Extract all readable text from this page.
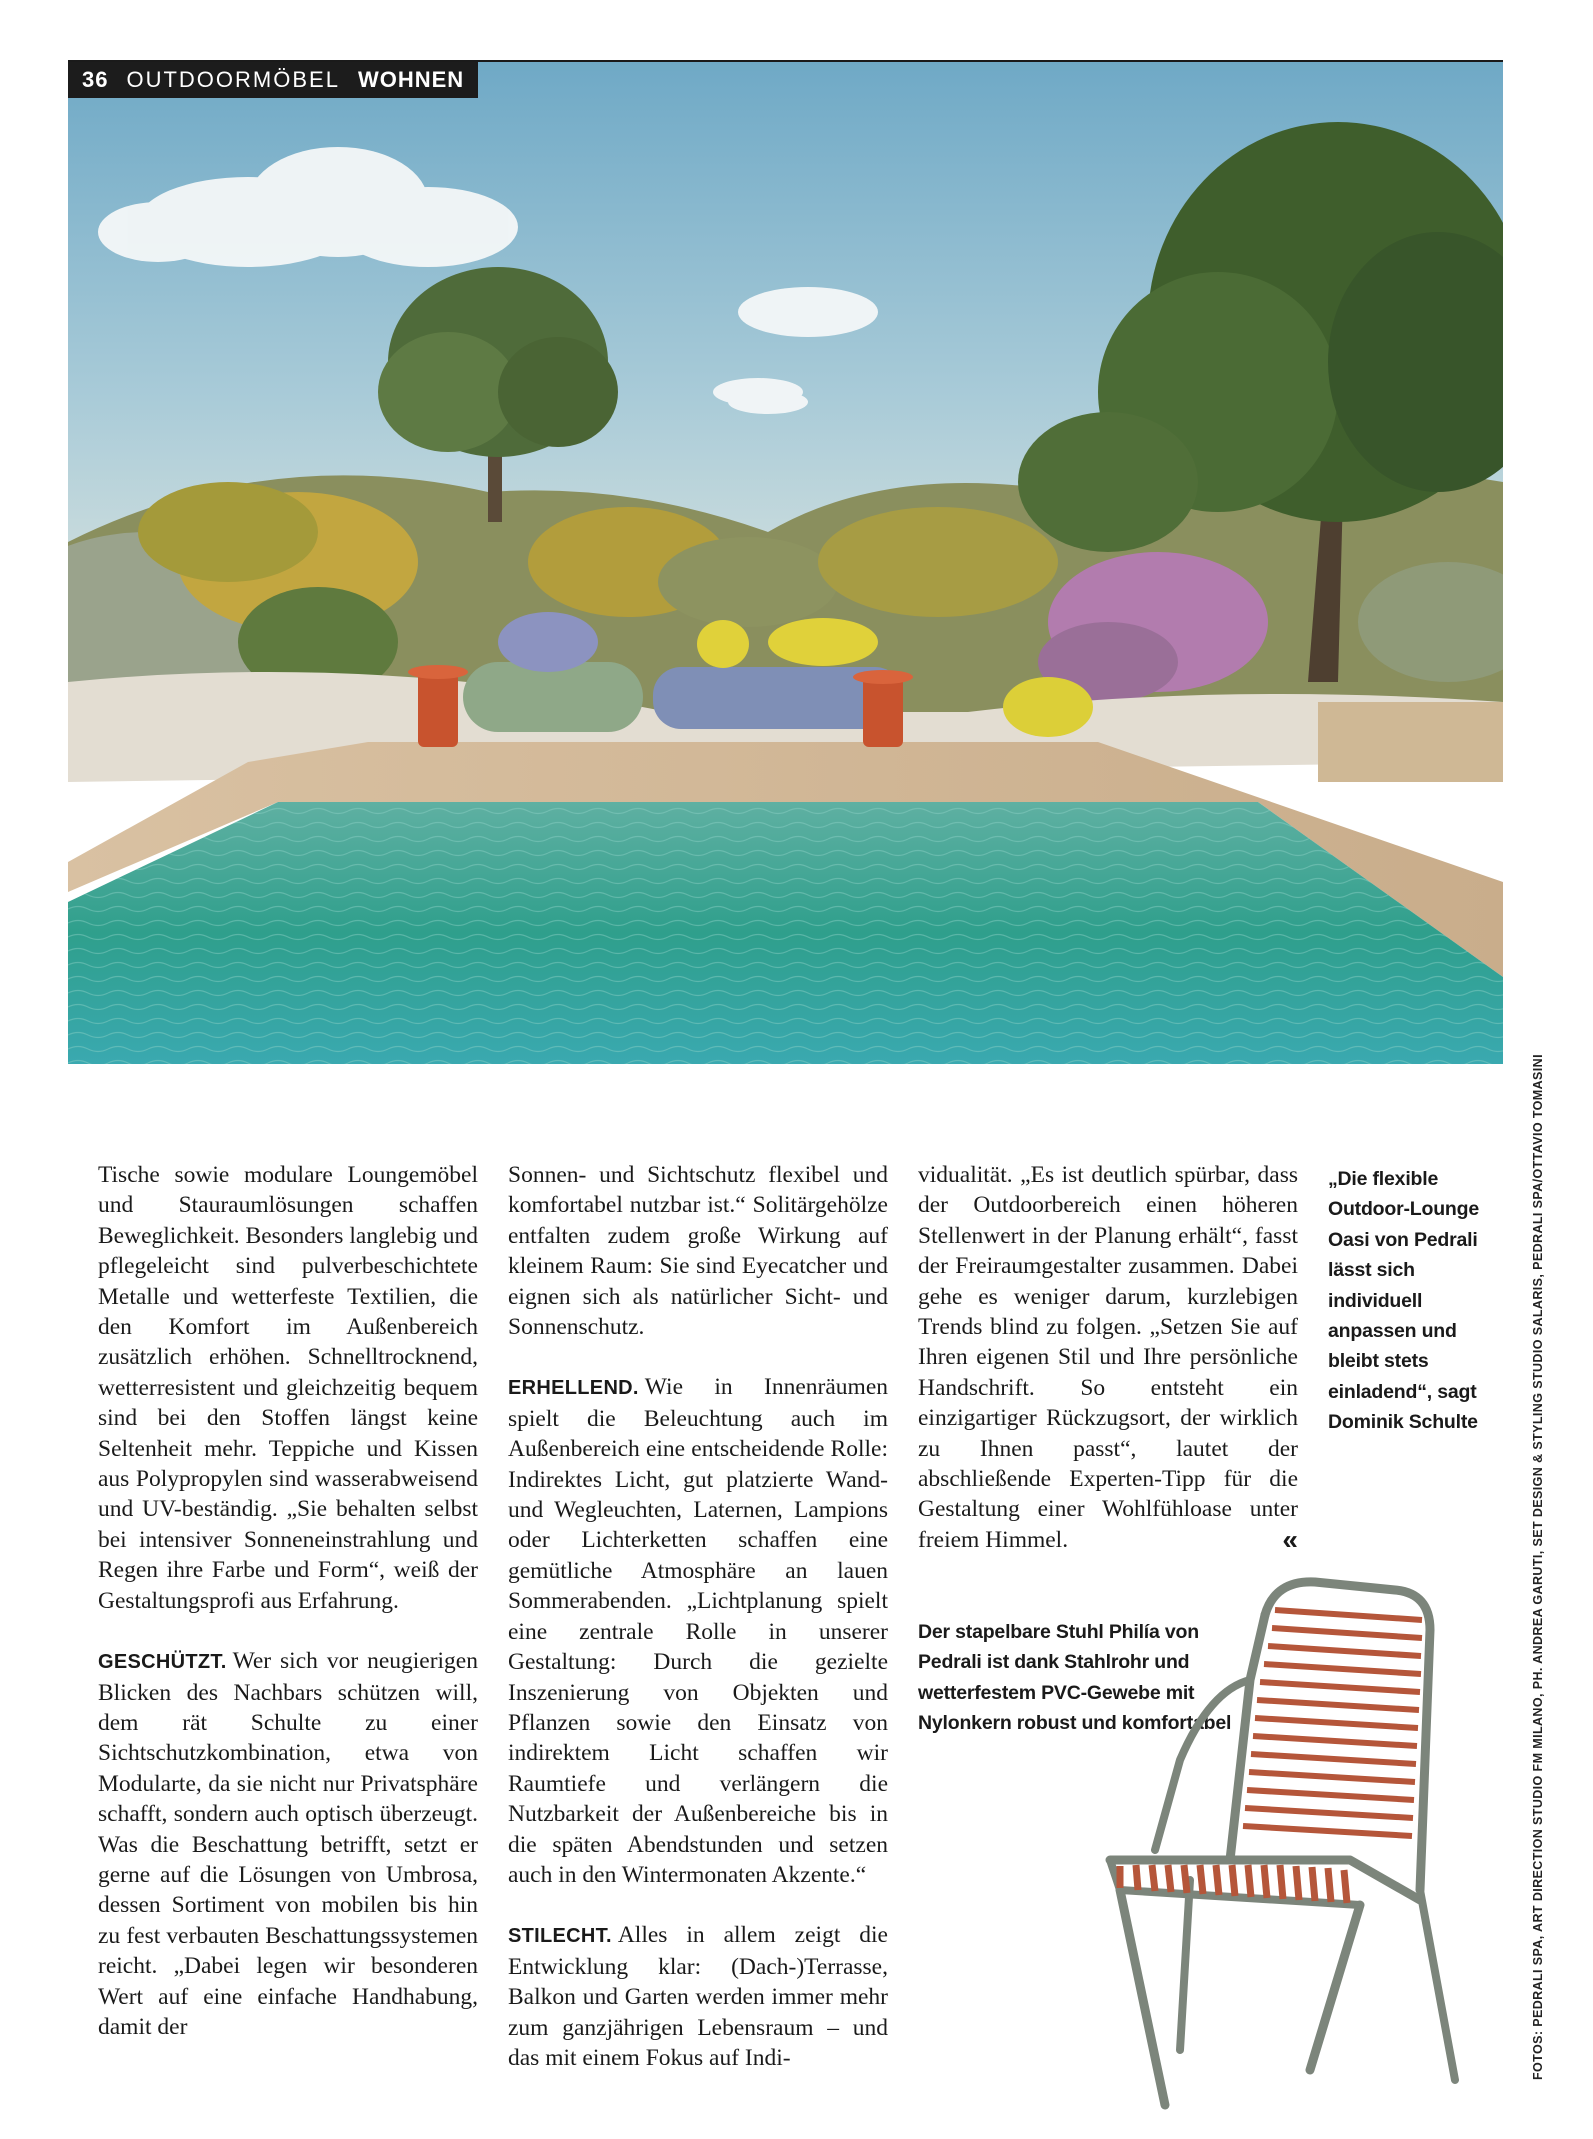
36 OUTDOORMÖBEL WOHNEN

Tische sowie modulare Loungemöbel und Stauraumlösungen schaffen Beweglichkeit. Besonders langlebig und pflegeleicht sind pulverbeschichtete Metalle und wetterfeste Textilien, die den Komfort im Außenbereich zusätzlich erhöhen. Schnelltrocknend, wetterresistent und gleichzeitig bequem sind bei den Stoffen längst keine Seltenheit mehr. Teppiche und Kissen aus Polypropylen sind wasserabweisend und UV-beständig. „Sie behalten selbst bei intensiver Sonneneinstrahlung und Regen ihre Farbe und Form“, weiß der Gestaltungsprofi aus Erfahrung.

GESCHÜTZT. Wer sich vor neugierigen Blicken des Nachbars schützen will, dem rät Schulte zu einer Sichtschutzkombination, etwa von Modularte, da sie nicht nur Privatsphäre schafft, sondern auch optisch überzeugt. Was die Beschattung betrifft, setzt er gerne auf die Lösungen von Umbrosa, dessen Sortiment von mobilen bis hin zu fest verbauten Beschattungssystemen reicht. „Dabei legen wir besonderen Wert auf eine einfache Handhabung, damit der

Sonnen- und Sichtschutz flexibel und komfortabel nutzbar ist.“ Solitärgehölze entfalten zudem große Wirkung auf kleinem Raum: Sie sind Eyecatcher und eignen sich als natürlicher Sicht- und Sonnenschutz.

ERHELLEND. Wie in Innenräumen spielt die Beleuchtung auch im Außenbereich eine entscheidende Rolle: Indirektes Licht, gut platzierte Wand- und Wegleuchten, Laternen, Lampions oder Lichterketten schaffen eine gemütliche Atmosphäre an lauen Sommerabenden. „Lichtplanung spielt eine zentrale Rolle in unserer Gestaltung: Durch die gezielte Inszenierung von Objekten und Pflanzen sowie den Einsatz von indirektem Licht schaffen wir Raumtiefe und verlängern die Nutzbarkeit der Außenbereiche bis in die späten Abendstunden und setzen auch in den Wintermonaten Akzente.“

STILECHT. Alles in allem zeigt die Entwicklung klar: (Dach-)Terrasse, Balkon und Garten werden immer mehr zum ganzjährigen Lebensraum – und das mit einem Fokus auf Indi-

vidualität. „Es ist deutlich spürbar, dass der Outdoorbereich einen höheren Stellenwert in der Planung erhält“, fasst der Freiraumgestalter zusammen. Dabei gehe es weniger darum, kurzlebigen Trends blind zu folgen. „Setzen Sie auf Ihren eigenen Stil und Ihre persönliche Handschrift. So entsteht ein einzigartiger Rückzugsort, der wirklich zu Ihnen passt“, lautet der abschließende Experten-Tipp für die Gestaltung einer Wohlfühloase unter freiem Himmel.	«

„Die flexible Outdoor-Lounge Oasi von Pedrali lässt sich individuell anpassen und bleibt stets einladend“, sagt Dominik Schulte
Der stapelbare Stuhl Philía von Pedrali ist dank Stahlrohr und wetterfestem PVC-Gewebe mit Nylonkern robust und komfortabel	FOTOS: PEDRALI SPA, ART DIRECTION STUDIO FM MILANO, PH. ANDREA GARUTI, SET DESIGN & STYLING STUDIO SALARIS, PEDRALI SPA/OTTAVIO TOMASINI
